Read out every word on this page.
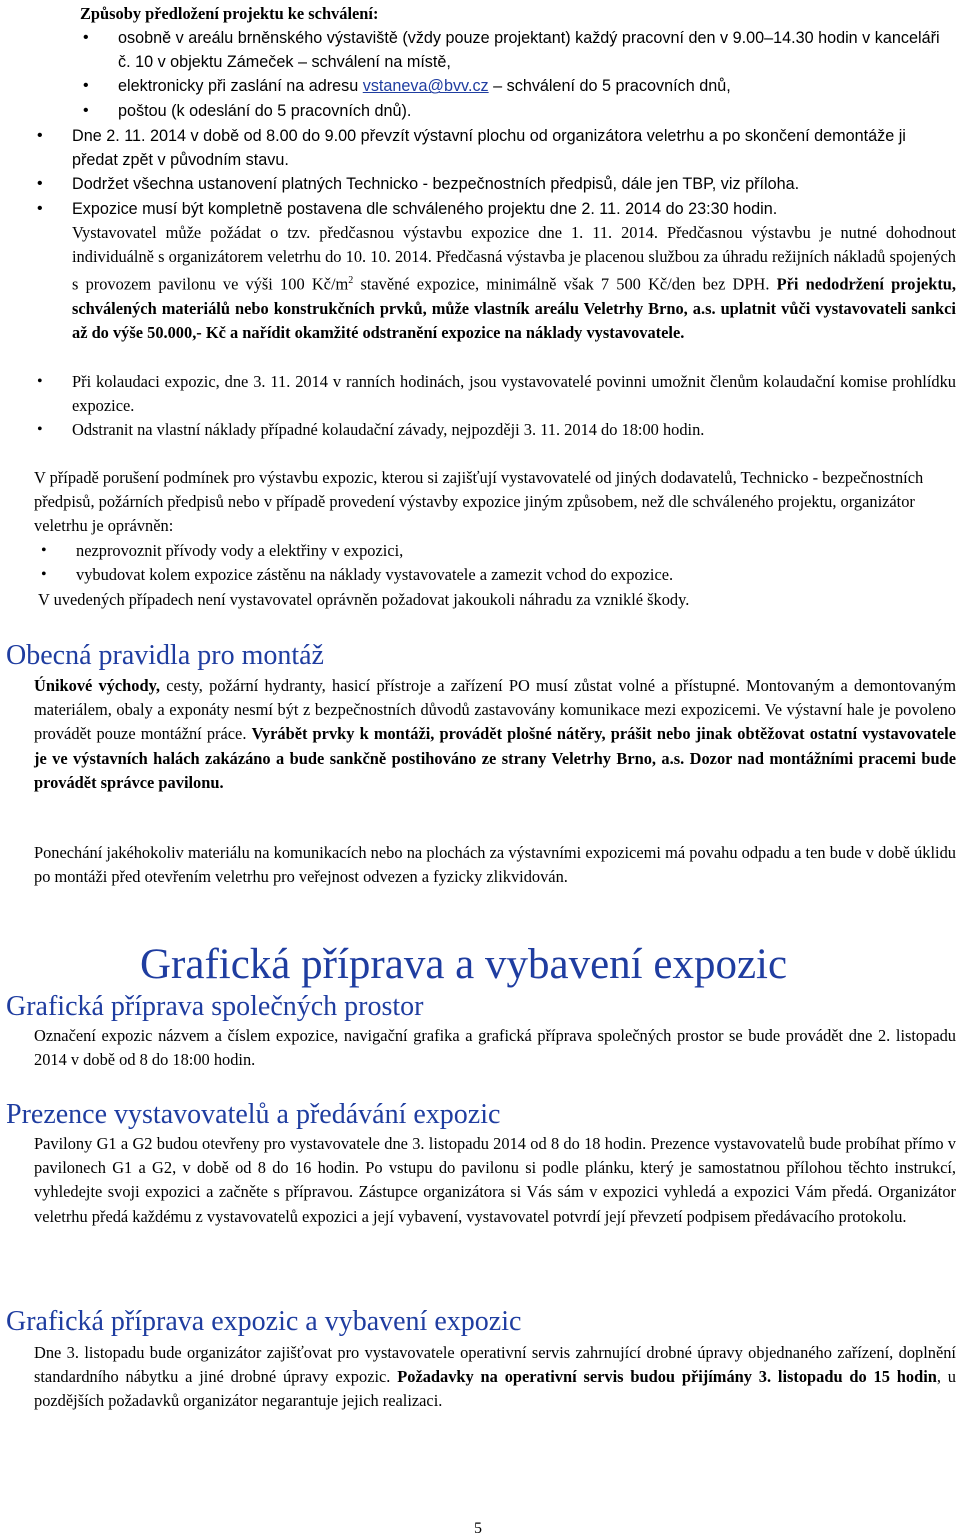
Způsoby předložení projektu ke schválení:
• osobně v areálu brněnského výstaviště (vždy pouze projektant) každý pracovní den v 9.00–14.30 hodin v kanceláři č. 10 v objektu Zámeček – schválení na místě,
• elektronicky při zaslání na adresu vstaneva@bvv.cz – schválení do 5 pracovních dnů,
• poštou (k odeslání do 5 pracovních dnů).
• Dne 2. 11. 2014 v době od 8.00 do 9.00 převzít výstavní plochu od organizátora veletrhu a po skončení demontáže ji předat zpět v původním stavu.
• Dodržet všechna ustanovení platných Technicko - bezpečnostních předpisů, dále jen TBP, viz příloha.
• Expozice musí být kompletně postavena dle schváleného projektu dne 2. 11. 2014 do 23:30 hodin.

Vystavovatel může požádat o tzv. předčasnou výstavbu expozice dne 1. 11. 2014. Předčasnou výstavbu je nutné dohodnout individuálně s organizátorem veletrhu do 10. 10. 2014. Předčasná výstavba je placenou službou za úhradu režijních nákladů spojených s provozem pavilonu ve výši 100 $Kč/m^2$ stavěné expozice, minimálně však 7 500 Kč/den bez DPH. Při nedodržení projektu, schválených materiálů nebo konstrukčních prvků, může vlastník areálu Veletrhy Brno, a.s. uplatnit vůči vystavovateli sankci až do výše 50.000,- Kč a nařídit okamžité odstranění expozice na náklady vystavovatele.

• Při kolaudaci expozic, dne 3. 11. 2014 v ranních hodinách, jsou vystavovatelé povinni umožnit členům kolaudační komise prohlídku expozice.
• Odstranit na vlastní náklady případné kolaudační závady, nejpozději 3. 11. 2014 do 18:00 hodin.

V případě porušení podmínek pro výstavbu expozic, kterou si zajišťují vystavovatelé od jiných dodavatelů, Technicko - bezpečnostních předpisů, požárních předpisů nebo v případě provedení výstavby expozice jiným způsobem, než dle schváleného projektu, organizátor veletrhu je oprávněn:

• nezprovoznit přívody vody a elektřiny v expozici,
• vybudovat kolem expozice zástěnu na náklady vystavovatele a zamezit vchod do expozice.

V uvedených případech není vystavovatel oprávněn požadovat jakoukoli náhradu za vzniklé škody.

Obecná pravidla pro montáž

Únikové východy, cesty, požární hydranty, hasicí přístroje a zařízení PO musí zůstat volné a přístupné. Montovaným a demontovaným materiálem, obaly a exponáty nesmí být z bezpečnostních důvodů zastavovány komunikace mezi expozicemi. Ve výstavní hale je povoleno provádět pouze montážní práce. Vyrábět prvky k montáži, provádět plošné nátěry, prášit nebo jinak obtěžovat ostatní vystavovatele je ve výstavních halách zakázáno a bude sankčně postihováno ze strany Veletrhy Brno, a.s. Dozor nad montážními pracemi bude provádět správce pavilonu.

Ponechání jakéhokoliv materiálu na komunikacích nebo na plochách za výstavními expozicemi má povahu odpadu a ten bude v době úklidu po montáži před otevřením veletrhu pro veřejnost odvezen a fyzicky zlikvidován.

Grafická příprava a vybavení expozic
Grafická příprava společných prostor

Označení expozic názvem a číslem expozice, navigační grafika a grafická příprava společných prostor se bude provádět dne 2. listopadu 2014 v době od 8 do 18:00 hodin.

Prezence vystavovatelů a předávání expozic

Pavilony G1 a G2 budou otevřeny pro vystavovatele dne 3. listopadu 2014 od 8 do 18 hodin. Prezence vystavovatelů bude probíhat přímo v pavilonech G1 a G2, v době od 8 do 16 hodin. Po vstupu do pavilonu si podle plánku, který je samostatnou přílohou těchto instrukcí, vyhledejte svoji expozici a začněte s přípravou. Zástupce organizátora si Vás sám v expozici vyhledá a expozici Vám předá. Organizátor veletrhu předá každému z vystavovatelů expozici a její vybavení, vystavovatel potvrdí její převzetí podpisem předávacího protokolu.

Grafická příprava expozic a vybavení expozic

Dne 3. listopadu bude organizátor zajišťovat pro vystavovatele operativní servis zahrnující drobné úpravy objednaného zařízení, doplnění standardního nábytku a jiné drobné úpravy expozic. Požadavky na operativní servis budou přijímány 3. listopadu do 15 hodin, u pozdějších požadavků organizátor negarantuje jejich realizaci.

5
